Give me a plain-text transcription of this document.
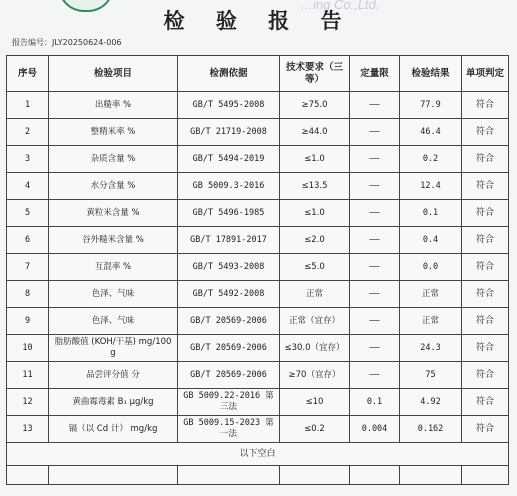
…ing Co.,Ltd.
检 验 报 告
报告编号：JLY20250624-006
序号	检验项目	检测依据	技术要求（三等）	定量限	检验结果	单项判定
1	出糙率 %	GB/T 5495-2008	≥75.0	——	77.9	符合
2	整精米率 %	GB/T 21719-2008	≥44.0	——	46.4	符合
3	杂质含量 %	GB/T 5494-2019	≤1.0	——	0.2	符合
4	水分含量 %	GB 5009.3-2016	≤13.5	——	12.4	符合
5	黄粒米含量 %	GB/T 5496-1985	≤1.0	——	0.1	符合
6	谷外糙米含量 %	GB/T 17891-2017	≤2.0	——	0.4	符合
7	互混率 %	GB/T 5493-2008	≤5.0	——	0.0	符合
8	色泽、气味	GB/T 5492-2008	正常	——	正常	符合
9	色泽、气味	GB/T 20569-2006	正常（宜存）	——	正常	符合
10	脂肪酸值 (KOH/干基) mg/100 g	GB/T 20569-2006	≤30.0（宜存）	——	24.3	符合
11	品尝评分值 分	GB/T 20569-2006	≥70（宜存）	——	75	符合
12	黄曲霉毒素 B₁ μg/kg	GB 5009.22-2016 第三法	≤10	0.1	4.92	符合
13	镉（以 Cd 计） mg/kg	GB 5009.15-2023 第一法	≤0.2	0.004	0.162	符合
以下空白						
